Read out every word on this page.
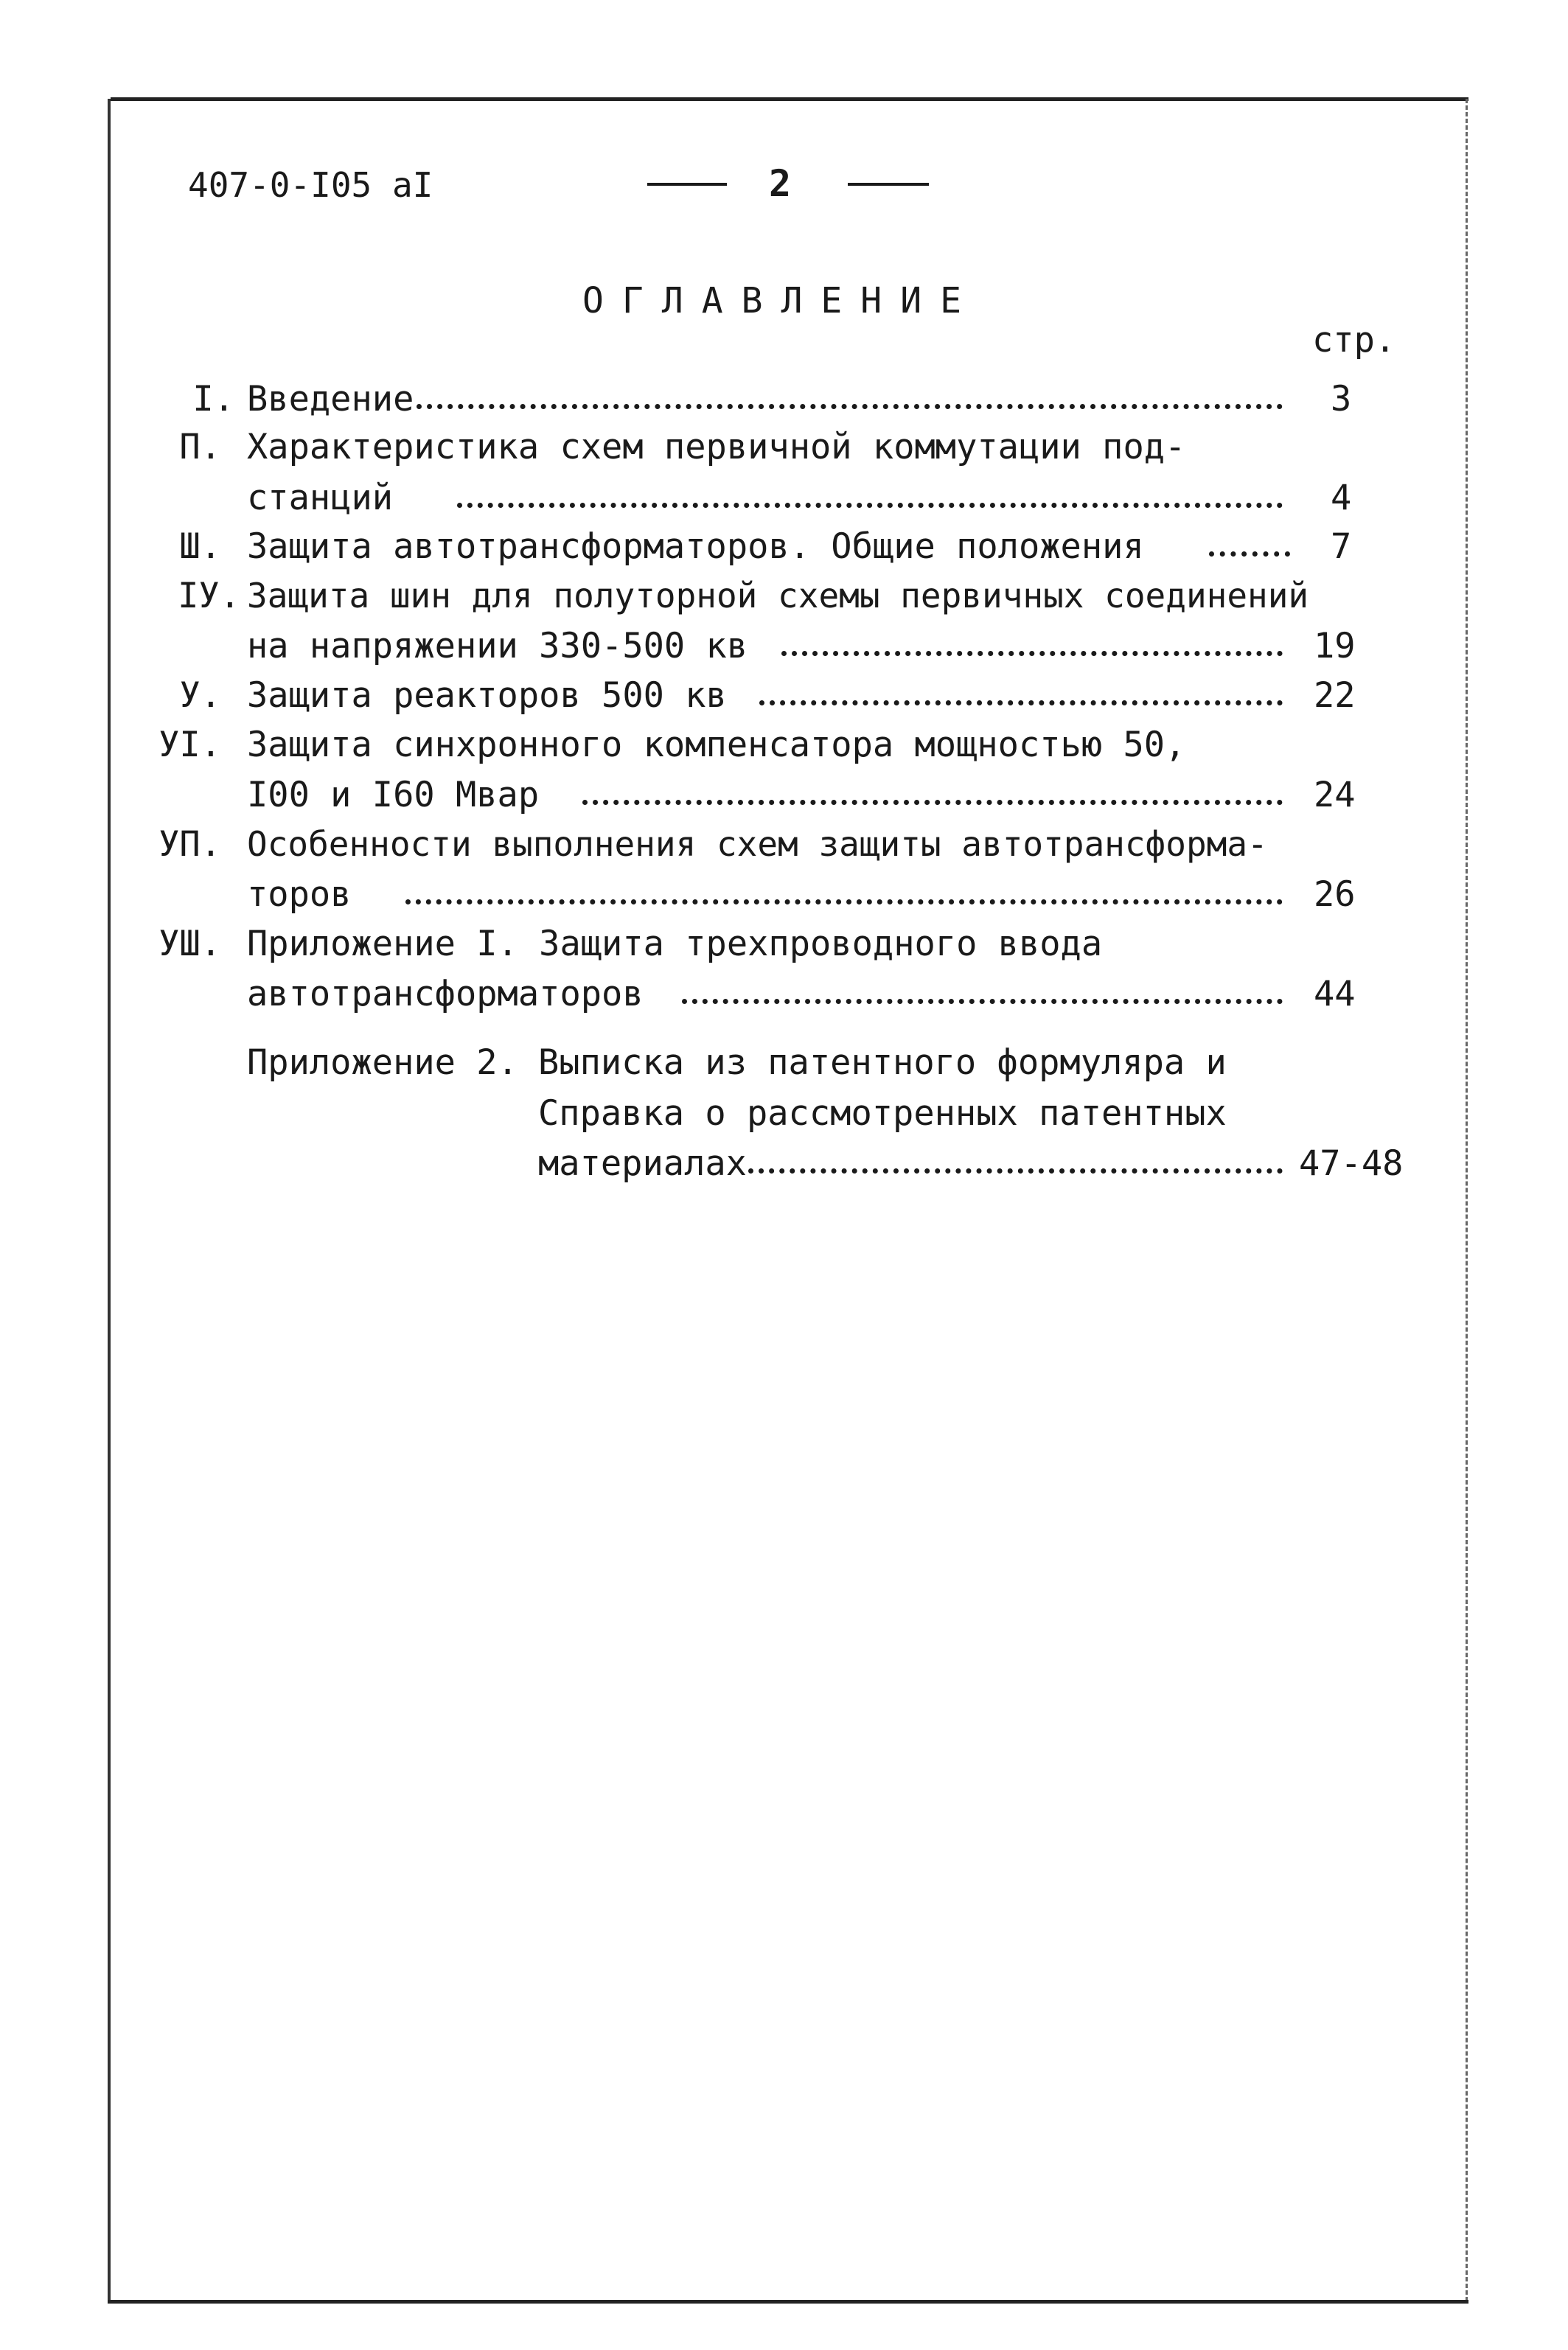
407-0-I05 aI	2
ОГЛАВЛЕНИЕ
стр.
I. Введение	3
П. Характеристика схем первичной коммутации под-
станций	4
Ш. Защита автотрансформаторов. Общие положения	7
IУ. Защита шин для полуторной схемы первичных соединений
на напряжении 330-500 кв	19
У. Защита реакторов 500 кв	22
УI. Защита синхронного компенсатора мощностью 50,
I00 и I60 Мвар	24
УП. Особенности выполнения схем защиты автотрансформа-
торов	26
УШ. Приложение I. Защита трехпроводного ввода
автотрансформаторов	44
Приложение 2. Выписка из патентного формуляра и
Справка о рассмотренных патентных
материалах	47-48
